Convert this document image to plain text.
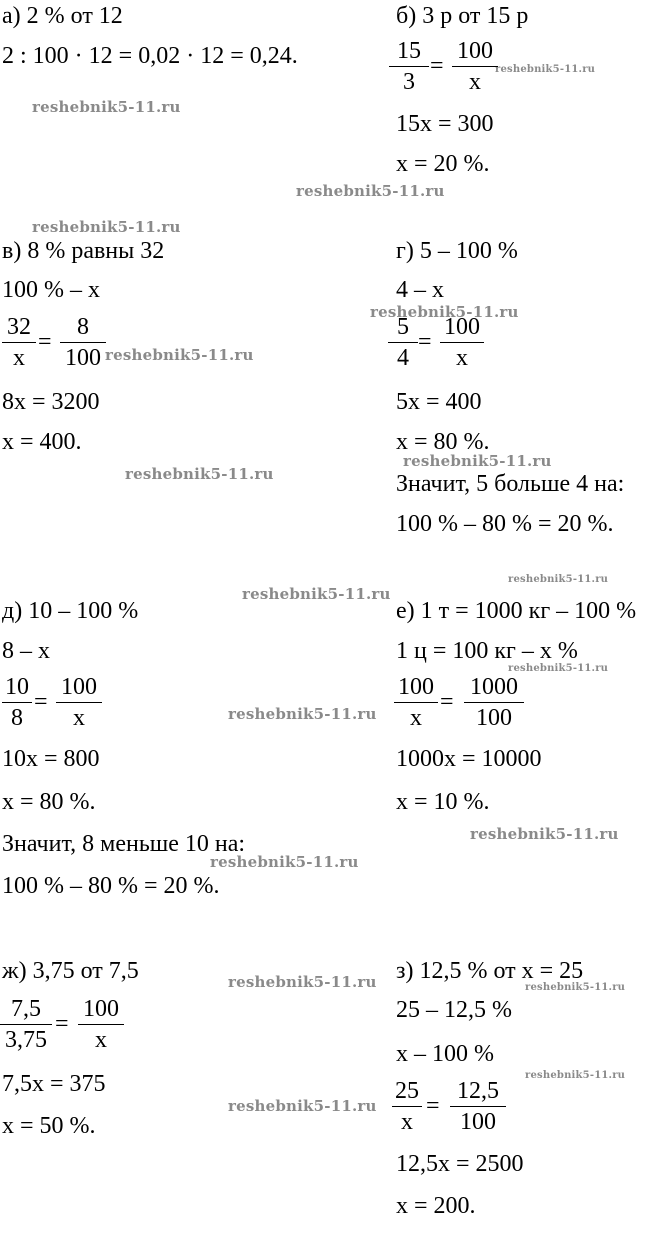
reshebnik5-11.ru
reshebnik5-11.ru
reshebnik5-11.ru
reshebnik5-11.ru
reshebnik5-11.ru
reshebnik5-11.ru
reshebnik5-11.ru
reshebnik5-11.ru
reshebnik5-11.ru
reshebnik5-11.ru
reshebnik5-11.ru
reshebnik5-11.ru
reshebnik5-11.ru
reshebnik5-11.ru
reshebnik5-11.ru	reshebnik5-11.ru
reshebnik5-11.ru
reshebnik5-11.ru
а) 2 % от 12
2 : 100 · 12 = 0,02 · 12 = 0,24.
б) 3 р от 15 р
15
3
=
100
x
15x = 300
x = 20 %.
в) 8 % равны 32
100 % – x
32
x
=
8
100
8x = 3200
x = 400.
г) 5 – 100 %
4 – x
5
4
=
100
x
5x = 400
x = 80 %.
Значит, 5 больше 4 на:
100 % – 80 % = 20 %.
д) 10 – 100 %
8 – x
10
8
=
100
x
10x = 800
x = 80 %.
Значит, 8 меньше 10 на:
100 % – 80 % = 20 %.
е) 1 т = 1000 кг – 100 %
1 ц = 100 кг – x %
100
x
=
1000
100
1000x = 10000
x = 10 %.
ж) 3,75 от 7,5
7,5
3,75
=
100
x
7,5x = 375
x = 50 %.
з) 12,5 % от x = 25
25 – 12,5 %
x – 100 %
25
x
=
12,5
100
12,5x = 2500
x = 200.
